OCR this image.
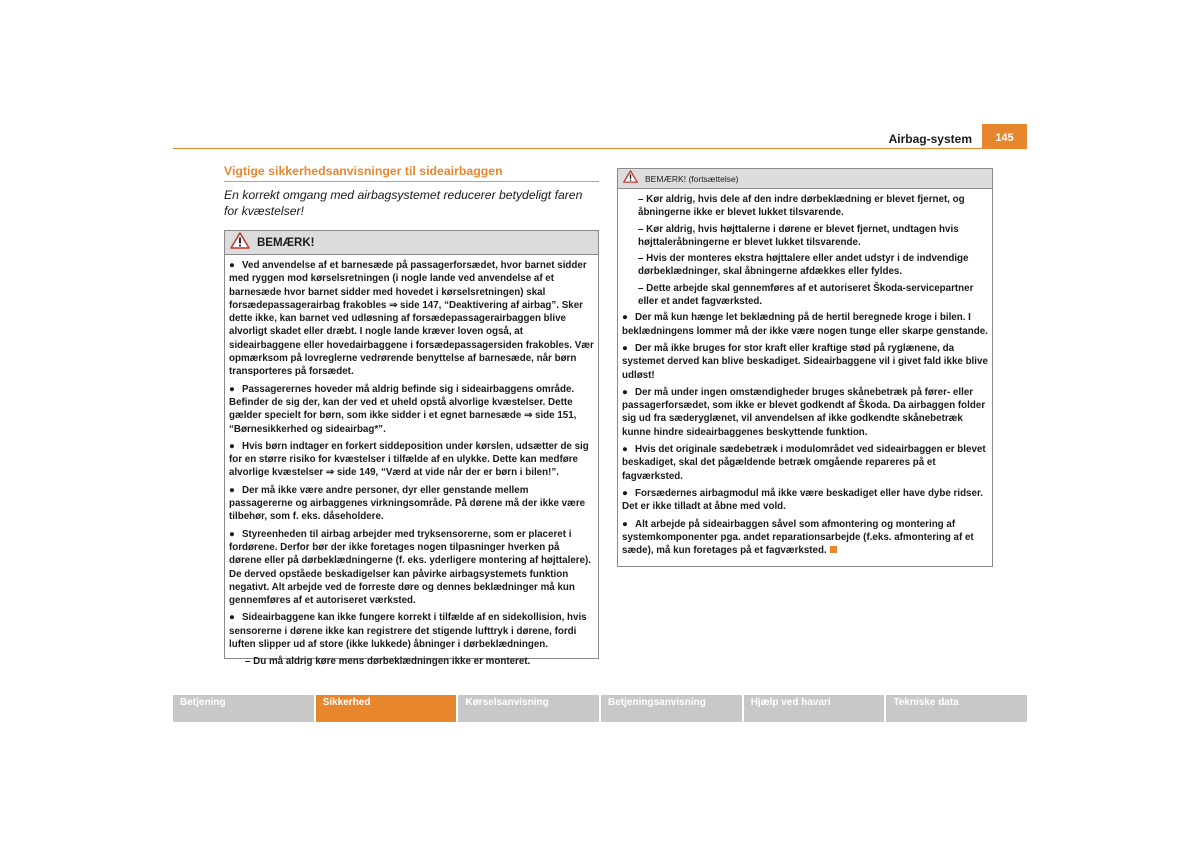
Airbag-system	145
Vigtige sikkerhedsanvisninger til sideairbaggen
En korrekt omgang med airbagsystemet reducerer betydeligt faren for kvæstelser!
BEMÆRK!

● Ved anvendelse af et barnesæde på passagerforsædet, hvor barnet sidder med ryggen mod kørselsretningen (i nogle lande ved anvendelse af et barnesæde hvor barnet sidder med hovedet i kørselsretningen) skal forsædepassagerairbag frakobles ⇒ side 147, “Deaktivering af airbag”. Sker dette ikke, kan barnet ved udløsning af forsædepassagerairbaggen blive alvorligt skadet eller dræbt. I nogle lande kræver loven også, at sideairbaggene eller hovedairbaggene i forsædepassagersiden frakobles. Vær opmærksom på lovreglerne vedrørende benyttelse af barnesæde, når børn transporteres på forsædet.

● Passagerernes hoveder må aldrig befinde sig i sideairbaggens område. Befinder de sig der, kan der ved et uheld opstå alvorlige kvæstelser. Dette gælder specielt for børn, som ikke sidder i et egnet barnesæde ⇒ side 151, “Børnesikkerhed og sideairbag*”.

● Hvis børn indtager en forkert siddeposition under kørslen, udsætter de sig for en større risiko for kvæstelser i tilfælde af en ulykke. Dette kan medføre alvorlige kvæstelser ⇒ side 149, “Værd at vide når der er børn i bilen!”.

● Der må ikke være andre personer, dyr eller genstande mellem passagererne og airbaggenes virkningsområde. På dørene må der ikke være tilbehør, som f. eks. dåseholdere.

● Styreenheden til airbag arbejder med tryksensorerne, som er placeret i fordørene. Derfor bør der ikke foretages nogen tilpasninger hverken på dørene eller på dørbeklædningerne (f. eks. yderligere montering af højttalere). De derved opståede beskadigelser kan påvirke airbagsystemets funktion negativt. Alt arbejde ved de forreste døre og dennes beklædninger må kun gennemføres af et autoriseret værksted.

● Sideairbaggene kan ikke fungere korrekt i tilfælde af en sidekollision, hvis sensorerne i dørene ikke kan registrere det stigende lufttryk i dørene, fordi luften slipper ud af store (ikke lukkede) åbninger i dørbeklædningen.

– Du må aldrig køre mens dørbeklædningen ikke er monteret.

BEMÆRK! (fortsættelse)

– Kør aldrig, hvis dele af den indre dørbeklædning er blevet fjernet, og åbningerne ikke er blevet lukket tilsvarende.

– Kør aldrig, hvis højttalerne i dørene er blevet fjernet, undtagen hvis højttaleråbningerne er blevet lukket tilsvarende.

– Hvis der monteres ekstra højttalere eller andet udstyr i de indvendige dørbeklædninger, skal åbningerne afdækkes eller fyldes.

– Dette arbejde skal gennemføres af et autoriseret Škoda-servicepartner eller et andet fagværksted.

● Der må kun hænge let beklædning på de hertil beregnede kroge i bilen. I beklædningens lommer må der ikke være nogen tunge eller skarpe genstande.

● Der må ikke bruges for stor kraft eller kraftige stød på ryglænene, da systemet derved kan blive beskadiget. Sideairbaggene vil i givet fald ikke blive udløst!

● Der må under ingen omstændigheder bruges skånebetræk på fører- eller passagerforsædet, som ikke er blevet godkendt af Škoda. Da airbaggen folder sig ud fra sæderyglænet, vil anvendelsen af ikke godkendte skånebetræk kunne hindre sideairbaggenes beskyttende funktion.

● Hvis det originale sædebetræk i modulområdet ved sideairbaggen er blevet beskadiget, skal det pågældende betræk omgående repareres på et fagværksted.

● Forsædernes airbagmodul må ikke være beskadiget eller have dybe ridser. Det er ikke tilladt at åbne med vold.

● Alt arbejde på sideairbaggen såvel som afmontering og montering af systemkomponenter pga. andet reparationsarbejde (f.eks. afmontering af et sæde), må kun foretages på et fagværksted.

Betjening	Sikkerhed	Kørselsanvisning	Betjeningsanvisning	Hjælp ved havari	Tekniske data
